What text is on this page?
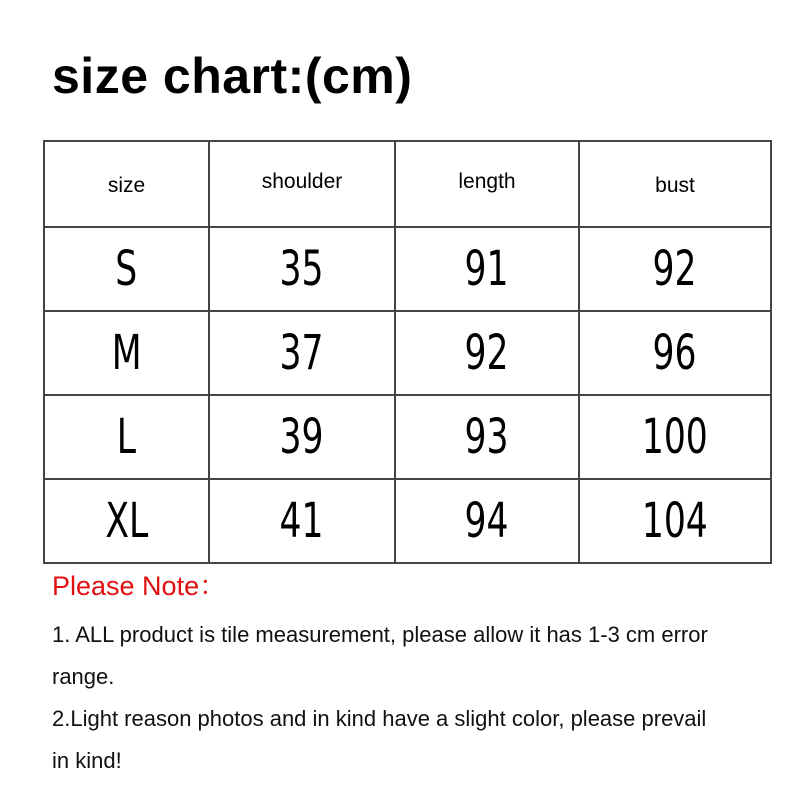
size chart:(cm)
size	shoulder	length	bust
S	35	91	92
M	37	92	96
L	39	93	100
XL	41	94	104
Please Note：
1. ALL product is tile measurement, please allow it has 1-3 cm error
range.
2.Light reason photos and in kind have a slight color, please prevail
in kind!
